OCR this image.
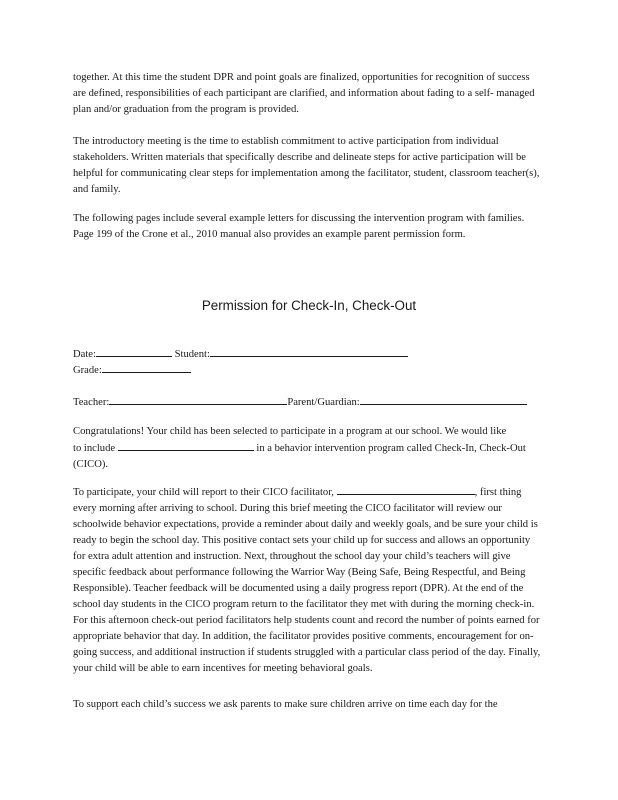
together. At this time the student DPR and point goals are finalized, opportunities for recognition of success are defined, responsibilities of each participant are clarified, and information about fading to a self- managed plan and/or graduation from the program is provided.

The introductory meeting is the time to establish commitment to active participation from individual stakeholders. Written materials that specifically describe and delineate steps for active participation will be helpful for communicating clear steps for implementation among the facilitator, student, classroom teacher(s), and family.

The following pages include several example letters for discussing the intervention program with families. Page 199 of the Crone et al., 2010 manual also provides an example parent permission form.

Permission for Check-In, Check-Out
Date:	Student:
Grade:
Teacher:	Parent/Guardian:
Congratulations! Your child has been selected to participate in a program at our school. We would like
to include	in a behavior intervention program called Check-In, Check-Out
(CICO).

To participate, your child will report to their CICO facilitator,	, first thing every morning after arriving to school. During this brief meeting the CICO facilitator will review our schoolwide behavior expectations, provide a reminder about daily and weekly goals, and be sure your child is ready to begin the school day. This positive contact sets your child up for success and allows an opportunity for extra adult attention and instruction. Next, throughout the school day your child’s teachers will give specific feedback about performance following the Warrior Way (Being Safe, Being Respectful, and Being Responsible). Teacher feedback will be documented using a daily progress report (DPR). At the end of the school day students in the CICO program return to the facilitator they met with during the morning check-in. For this afternoon check-out period facilitators help students count and record the number of points earned for appropriate behavior that day. In addition, the facilitator provides positive comments, encouragement for on-going success, and additional instruction if students struggled with a particular class period of the day. Finally, your child will be able to earn incentives for meeting behavioral goals.

To support each child’s success we ask parents to make sure children arrive on time each day for the
